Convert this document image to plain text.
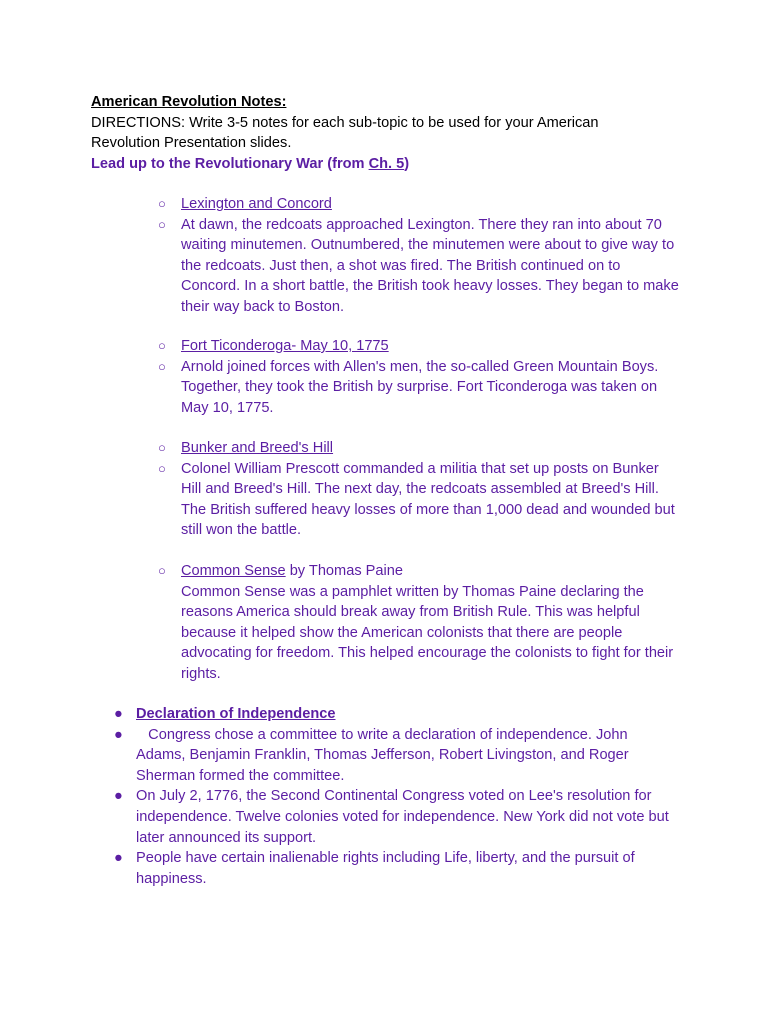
American Revolution Notes:

DIRECTIONS: Write 3-5 notes for each sub-topic to be used for your American Revolution Presentation slides.

Lead up to the Revolutionary War (from Ch. 5)

○ Lexington and Concord
○ At dawn, the redcoats approached Lexington. There they ran into about 70 waiting minutemen. Outnumbered, the minutemen were about to give way to the redcoats. Just then, a shot was fired. The British continued on to Concord. In a short battle, the British took heavy losses. They began to make their way back to Boston.
○ Fort Ticonderoga- May 10, 1775
○ Arnold joined forces with Allen's men, the so-called Green Mountain Boys. Together, they took the British by surprise. Fort Ticonderoga was taken on May 10, 1775.
○ Bunker and Breed's Hill
○ Colonel William Prescott commanded a militia that set up posts on Bunker Hill and Breed's Hill. The next day, the redcoats assembled at Breed's Hill. The British suffered heavy losses of more than 1,000 dead and wounded but still won the battle.
○ Common Sense by Thomas Paine
Common Sense was a pamphlet written by Thomas Paine declaring the reasons America should break away from British Rule. This was helpful because it helped show the American colonists that there are people advocating for freedom. This helped encourage the colonists to fight for their rights.
● Declaration of Independence
● Congress chose a committee to write a declaration of independence. John Adams, Benjamin Franklin, Thomas Jefferson, Robert Livingston, and Roger Sherman formed the committee.
● On July 2, 1776, the Second Continental Congress voted on Lee's resolution for independence. Twelve colonies voted for independence. New York did not vote but later announced its support.
● People have certain inalienable rights including Life, liberty, and the pursuit of happiness.
